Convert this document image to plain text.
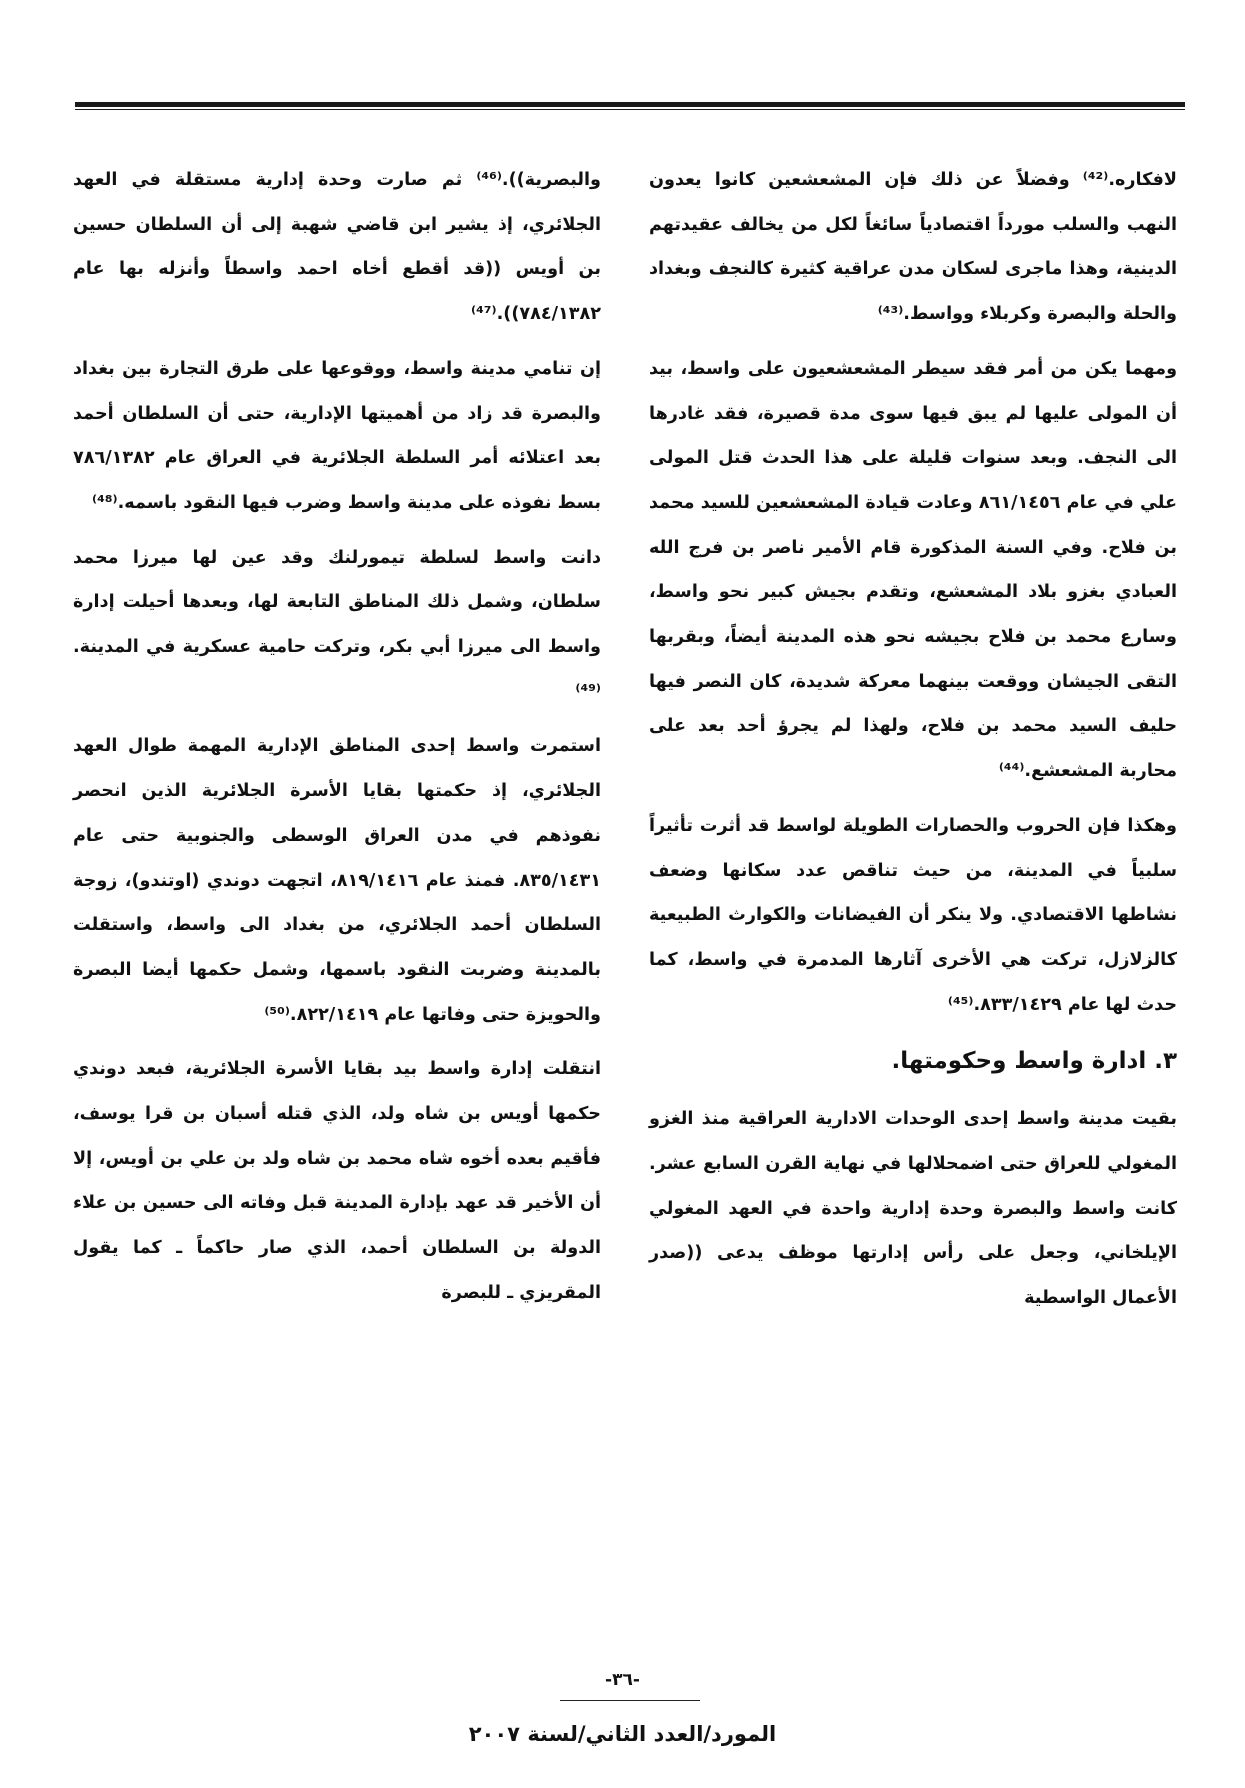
لافكاره.⁽⁴²⁾ وفضلاً عن ذلك فإن المشعشعين كانوا يعدون النهب والسلب مورداً اقتصادياً سائغاً لكل من يخالف عقيدتهم الدينية، وهذا ماجرى لسكان مدن عراقية كثيرة كالنجف وبغداد والحلة والبصرة وكربلاء وواسط.⁽⁴³⁾

ومهما يكن من أمر فقد سيطر المشعشعيون على واسط، بيد أن المولى عليها لم يبق فيها سوى مدة قصيرة، فقد غادرها الى النجف. وبعد سنوات قليلة على هذا الحدث قتل المولى علي في عام ٨٦١/١٤٥٦ وعادت قيادة المشعشعين للسيد محمد بن فلاح. وفي السنة المذكورة قام الأمير ناصر بن فرج الله العبادي بغزو بلاد المشعشع، وتقدم بجيش كبير نحو واسط، وسارع محمد بن فلاح بجيشه نحو هذه المدينة أيضاً، وبقربها التقى الجيشان ووقعت بينهما معركة شديدة، كان النصر فيها حليف السيد محمد بن فلاح، ولهذا لم يجرؤ أحد بعد على محاربة المشعشع.⁽⁴⁴⁾

وهكذا فإن الحروب والحصارات الطويلة لواسط قد أثرت تأثيراً سلبياً في المدينة، من حيث تناقص عدد سكانها وضعف نشاطها الاقتصادي. ولا ينكر أن الفيضانات والكوارث الطبيعية كالزلازل، تركت هي الأخرى آثارها المدمرة في واسط، كما حدث لها عام ٨٣٣/١٤٢٩.⁽⁴⁵⁾

٣. ادارة واسط وحكومتها.

بقيت مدينة واسط إحدى الوحدات الادارية العراقية منذ الغزو المغولي للعراق حتى اضمحلالها في نهاية القرن السابع عشر. كانت واسط والبصرة وحدة إدارية واحدة في العهد المغولي الإيلخاني، وجعل على رأس إدارتها موظف يدعى ((صدر الأعمال الواسطية

والبصرية)).⁽⁴⁶⁾ ثم صارت وحدة إدارية مستقلة في العهد الجلائري، إذ يشير ابن قاضي شهبة إلى أن السلطان حسين بن أويس ((قد أقطع أخاه احمد واسطاً وأنزله بها عام ٧٨٤/١٣٨٢)).⁽⁴⁷⁾

إن تنامي مدينة واسط، ووقوعها على طرق التجارة بين بغداد والبصرة قد زاد من أهميتها الإدارية، حتى أن السلطان أحمد بعد اعتلائه أمر السلطة الجلائرية في العراق عام ٧٨٦/١٣٨٢ بسط نفوذه على مدينة واسط وضرب فيها النقود باسمه.⁽⁴⁸⁾

دانت واسط لسلطة تيمورلنك وقد عين لها ميرزا محمد سلطان، وشمل ذلك المناطق التابعة لها، وبعدها أحيلت إدارة واسط الى ميرزا أبي بكر، وتركت حامية عسكرية في المدينة.⁽⁴⁹⁾

استمرت واسط إحدى المناطق الإدارية المهمة طوال العهد الجلائري، إذ حكمتها بقايا الأسرة الجلائرية الذين انحصر نفوذهم في مدن العراق الوسطى والجنوبية حتى عام ٨٣٥/١٤٣١. فمنذ عام ٨١٩/١٤١٦، اتجهت دوندي (اوتندو)، زوجة السلطان أحمد الجلائري، من بغداد الى واسط، واستقلت بالمدينة وضربت النقود باسمها، وشمل حكمها أيضا البصرة والحويزة حتى وفاتها عام ٨٢٢/١٤١٩.⁽⁵⁰⁾

انتقلت إدارة واسط بيد بقايا الأسرة الجلائرية، فبعد دوندي حكمها أويس بن شاه ولد، الذي قتله أسبان بن قرا يوسف، فأقيم بعده أخوه شاه محمد بن شاه ولد بن علي بن أويس، إلا أن الأخير قد عهد بإدارة المدينة قبل وفاته الى حسين بن علاء الدولة بن السلطان أحمد، الذي صار حاكماً ـ كما يقول المقريزي ـ للبصرة

-٣٦-
المورد/العدد الثاني/لسنة ٢٠٠٧
